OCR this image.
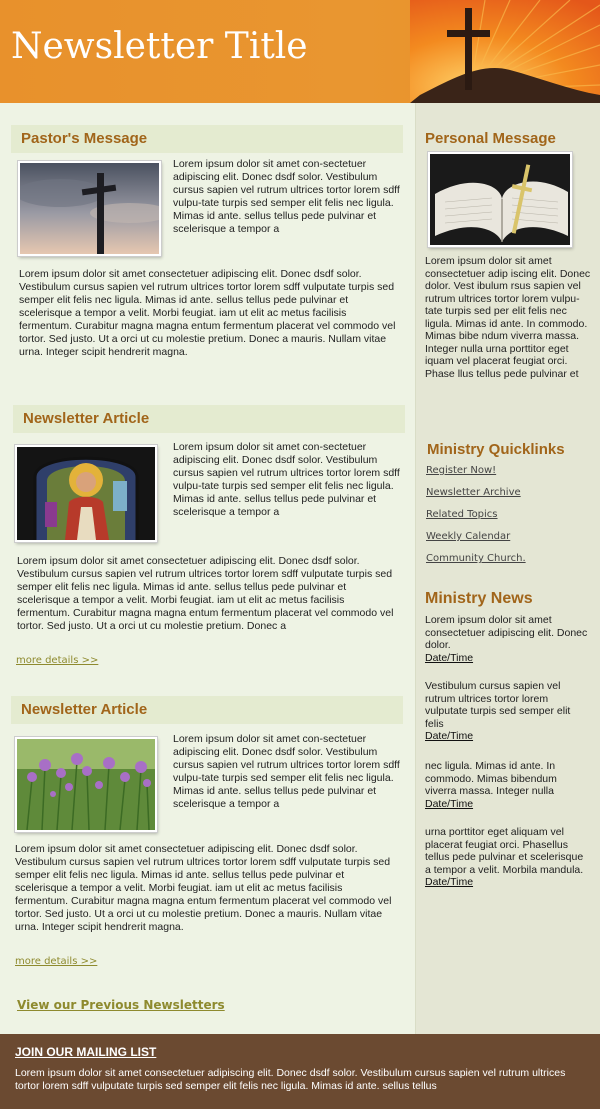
Newsletter Title
Pastor's Message
Lorem ipsum dolor sit amet con-sectetuer adipiscing elit. Donec dsdf solor. Vestibulum cursus sapien vel rutrum ultrices tortor lorem sdff vulpu-tate turpis sed semper elit felis nec ligula. Mimas id ante. sellus tellus pede pulvinar et scelerisque a tempor a
Lorem ipsum dolor sit amet consectetuer adipiscing elit. Donec dsdf solor. Vestibulum cursus sapien vel rutrum ultrices tortor lorem sdff vulputate turpis sed semper elit felis nec ligula. Mimas id ante. sellus tellus pede pulvinar et scelerisque a tempor a velit. Morbi feugiat. iam ut elit ac metus facilisis fermentum. Curabitur magna magna entum fermentum placerat vel commodo vel tortor. Sed justo. Ut a orci ut cu molestie pretium. Donec a mauris. Nullam vitae urna. Integer scipit hendrerit magna.
Newsletter Article
Lorem ipsum dolor sit amet con-sectetuer adipiscing elit. Donec dsdf solor. Vestibulum cursus sapien vel rutrum ultrices tortor lorem sdff vulpu-tate turpis sed semper elit felis nec ligula. Mimas id ante. sellus tellus pede pulvinar et scelerisque a tempor a
Lorem ipsum dolor sit amet consectetuer adipiscing elit. Donec dsdf solor. Vestibulum cursus sapien vel rutrum ultrices tortor lorem sdff vulputate turpis sed semper elit felis nec ligula. Mimas id ante. sellus tellus pede pulvinar et scelerisque a tempor a velit. Morbi feugiat. iam ut elit ac metus facilisis fermentum. Curabitur magna magna entum fermentum placerat vel commodo vel tortor. Sed justo. Ut a orci ut cu molestie pretium. Donec a
more details >>
Newsletter Article
Lorem ipsum dolor sit amet con-sectetuer adipiscing elit. Donec dsdf solor. Vestibulum cursus sapien vel rutrum ultrices tortor lorem sdff vulpu-tate turpis sed semper elit felis nec ligula. Mimas id ante. sellus tellus pede pulvinar et scelerisque a tempor a
Lorem ipsum dolor sit amet consectetuer adipiscing elit. Donec dsdf solor. Vestibulum cursus sapien vel rutrum ultrices tortor lorem sdff vulputate turpis sed semper elit felis nec ligula. Mimas id ante. sellus tellus pede pulvinar et scelerisque a tempor a velit. Morbi feugiat. iam ut elit ac metus facilisis fermentum. Curabitur magna magna entum fermentum placerat vel commodo vel tortor. Sed justo. Ut a orci ut cu molestie pretium. Donec a mauris. Nullam vitae urna. Integer scipit hendrerit magna.
more details >>
View our Previous Newsletters
Personal Message
Lorem ipsum dolor sit amet consectetuer adip iscing elit. Donec dolor. Vest ibulum rsus sapien vel rutrum ultrices tortor lorem vulpu-tate turpis sed per elit felis nec ligula. Mimas id ante. In commodo. Mimas bibe ndum viverra massa. Integer nulla urna porttitor eget iquam vel placerat feugiat orci. Phase llus tellus pede pulvinar et
Ministry Quicklinks
Register Now!
Newsletter Archive
Related Topics
Weekly Calendar
Community Church.
Ministry News
Lorem ipsum dolor sit amet consectetuer adipiscing elit. Donec dolor.
Date/Time
Vestibulum cursus sapien vel rutrum ultrices tortor lorem vulputate turpis sed semper elit felis
Date/Time
nec ligula. Mimas id ante. In commodo. Mimas bibendum viverra massa. Integer nulla
Date/Time
urna porttitor eget aliquam vel placerat feugiat orci. Phasellus tellus pede pulvinar et scelerisque a tempor a velit. Morbila mandula.
Date/Time
JOIN OUR MAILING LIST
Lorem ipsum dolor sit amet consectetuer adipiscing elit. Donec dsdf solor. Vestibulum cursus sapien vel rutrum ultrices tortor lorem sdff vulputate turpis sed semper elit felis nec ligula. Mimas id ante. sellus tellus
